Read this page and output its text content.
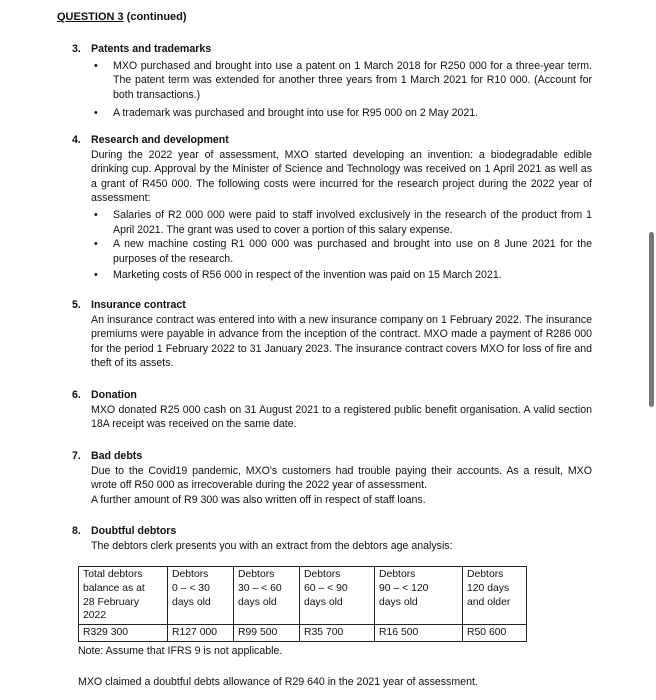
QUESTION 3 (continued)
3. Patents and trademarks
• MXO purchased and brought into use a patent on 1 March 2018 for R250 000 for a three-year term. The patent term was extended for another three years from 1 March 2021 for R10 000. (Account for both transactions.)
• A trademark was purchased and brought into use for R95 000 on 2 May 2021.
4. Research and development
During the 2022 year of assessment, MXO started developing an invention: a biodegradable edible drinking cup. Approval by the Minister of Science and Technology was received on 1 April 2021 as well as a grant of R450 000. The following costs were incurred for the research project during the 2022 year of assessment:
• Salaries of R2 000 000 were paid to staff involved exclusively in the research of the product from 1 April 2021. The grant was used to cover a portion of this salary expense.
• A new machine costing R1 000 000 was purchased and brought into use on 8 June 2021 for the purposes of the research.
• Marketing costs of R56 000 in respect of the invention was paid on 15 March 2021.
5. Insurance contract
An insurance contract was entered into with a new insurance company on 1 February 2022. The insurance premiums were payable in advance from the inception of the contract. MXO made a payment of R286 000 for the period 1 February 2022 to 31 January 2023. The insurance contract covers MXO for loss of fire and theft of its assets.
6. Donation
MXO donated R25 000 cash on 31 August 2021 to a registered public benefit organisation. A valid section 18A receipt was received on the same date.
7. Bad debts
Due to the Covid19 pandemic, MXO's customers had trouble paying their accounts. As a result, MXO wrote off R50 000 as irrecoverable during the 2022 year of assessment.
A further amount of R9 300 was also written off in respect of staff loans.
8. Doubtful debtors
The debtors clerk presents you with an extract from the debtors age analysis:
Total debtors
balance as at
28 February
2022	Debtors
0 – < 30
days old	Debtors
30 – < 60
days old	Debtors
60 – < 90
days old	Debtors
90 – < 120
days old	Debtors
120 days
and older
R329 300	R127 000	R99 500	R35 700	R16 500	R50 600
Note: Assume that IFRS 9 is not applicable.
MXO claimed a doubtful debts allowance of R29 640 in the 2021 year of assessment.
